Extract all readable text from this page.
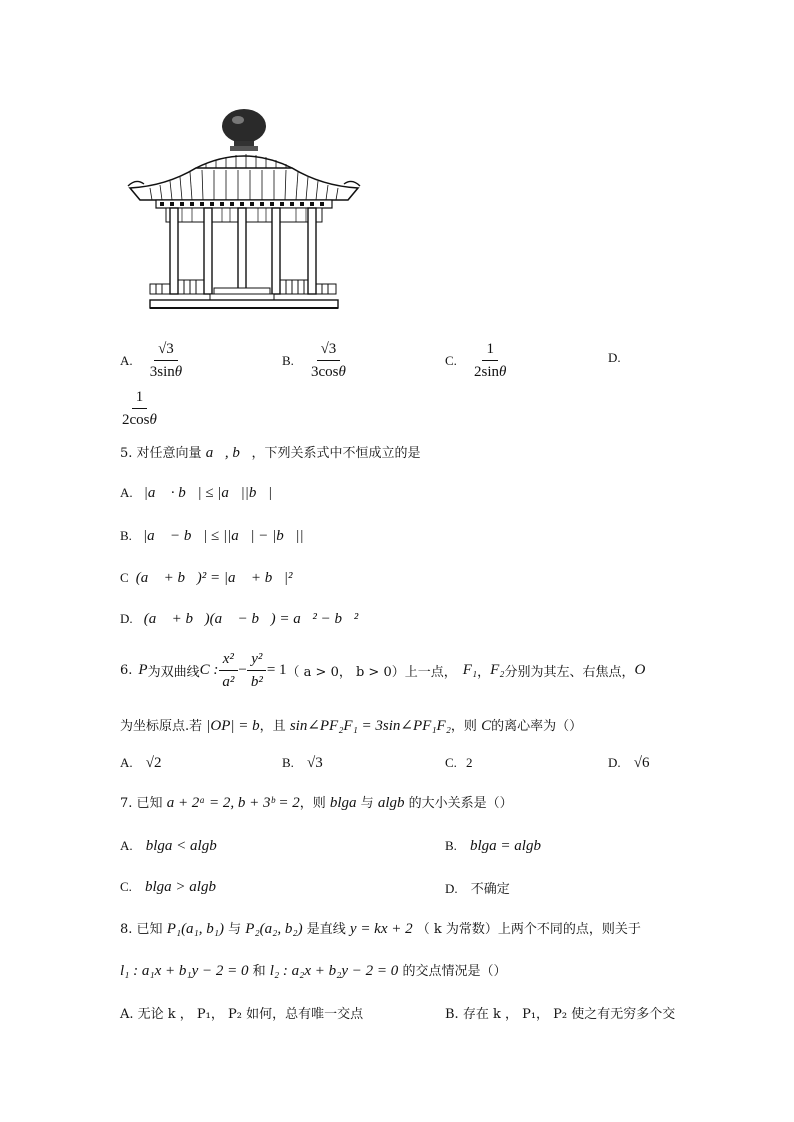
A. $\frac{√3}{3\sin\theta}$	B. $\frac{√3}{3\cos\theta}$	C. $\frac{1}{2\sin\theta}$	D.
$\frac{1}{2\cos\theta}$
5. 对任意向量 a⃗, b⃗，下列关系式中不恒成立的是
A. |a⃗ · b⃗| ≤ |a⃗||b⃗|
B. |a⃗ − b⃗| ≤ ||a⃗| − |b⃗||
C (a⃗ + b⃗)² = |a⃗ + b⃗|²
D. (a⃗ + b⃗)(a⃗ − b⃗) = a⃗² − b⃗²
6. P 为双曲线 C : $\frac{\text{x²}}{\text{a²}} - \frac{\text{y²}}{\text{b²}} = 1$ （ a > 0， b > 0）上一点， F₁ ， F₂ 分别为其左、右焦点， O
为坐标原点.若 |OP| = b，且 sin∠PF₂F₁ = 3sin∠PF₁F₂，则 C的离心率为（）
A. √2	B. √3	C. 2	D. √6
7. 已知 a + 2ᵃ = 2, b + 3ᵇ = 2，则 blga 与 algb 的大小关系是（）
A. blga < algb	B. blga = algb
C. blga > algb	D. 不确定
8. 已知 P₁(a₁, b₁) 与 P₂(a₂, b₂) 是直线 y = kx + 2 （ k 为常数）上两个不同的点，则关于
l₁ : a₁x + b₁y − 2 = 0 和 l₂ : a₂x + b₂y − 2 = 0 的交点情况是（）
A. 无论 k ， P₁， P₂ 如何，总有唯一交点	B. 存在 k ， P₁， P₂ 使之有无穷多个交
